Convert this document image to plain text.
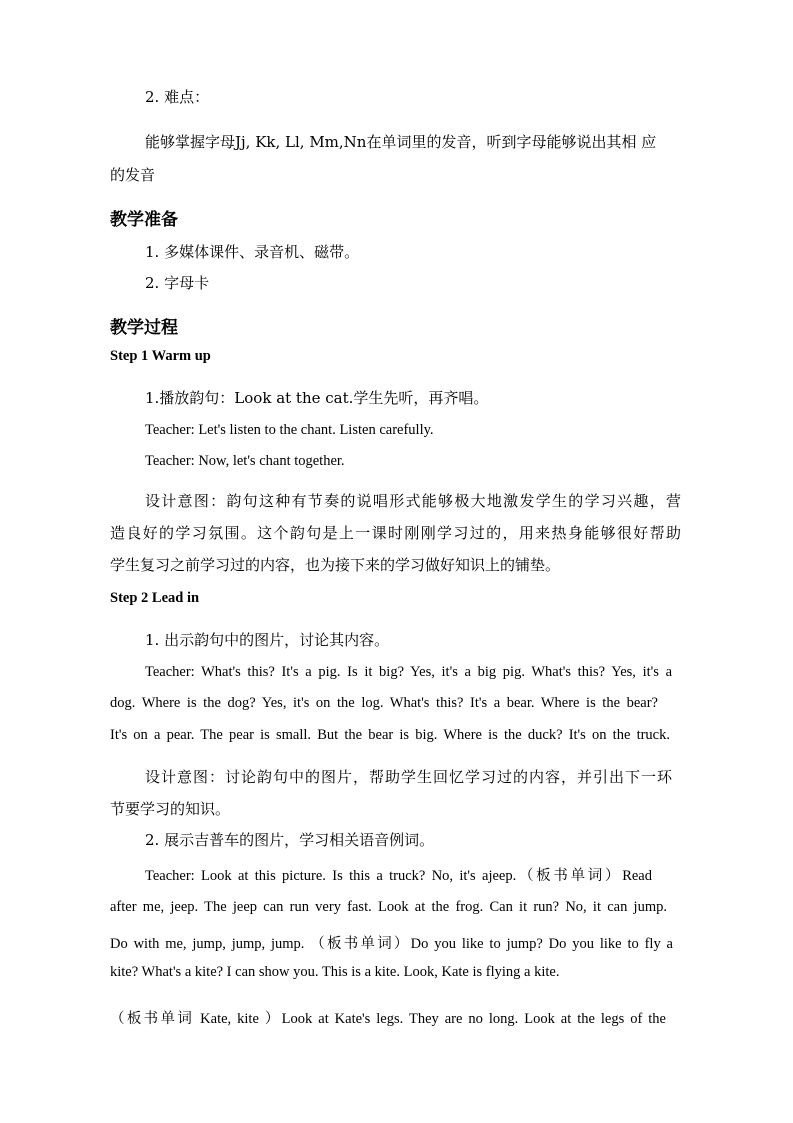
2. 难点：

能够掌握字母Jj, Kk, Ll, Mm,Nn在单词里的发音，听到字母能够说出其相 应

的发音

教学准备

1. 多媒体课件、录音机、磁带。

2. 字母卡

教学过程

Step 1 Warm up

1.播放韵句：Look at the cat.学生先听，再齐唱。

Teacher: Let's listen to the chant. Listen carefully.

Teacher: Now, let's chant together.

设计意图：韵句这种有节奏的说唱形式能够极大地激发学生的学习兴趣，营

造良好的学习氛围。这个韵句是上一课时刚刚学习过的，用来热身能够很好帮助

学生复习之前学习过的内容，也为接下来的学习做好知识上的铺垫。

Step 2 Lead in

1. 出示韵句中的图片，讨论其内容。

Teacher: What's this? It's a pig. Is it big? Yes, it's a big pig. What's this? Yes, it's a

dog. Where is the dog? Yes, it's on the log. What's this? It's a bear. Where is the bear?

It's on a pear. The pear is small. But the bear is big. Where is the duck? It's on the truck.

设计意图：讨论韵句中的图片，帮助学生回忆学习过的内容，并引出下一环

节要学习的知识。

2. 展示吉普车的图片，学习相关语音例词。

Teacher: Look at this picture. Is this a truck? No, it's ajeep.（板书单词）Read

after me, jeep. The jeep can run very fast. Look at the frog. Can it run? No, it can jump.

Do with me, jump, jump, jump. （板书单词）Do you like to jump? Do you like to fly a

kite? What's a kite? I can show you. This is a kite. Look, Kate is flying a kite.

（板书单词 Kate, kite ）Look at Kate's legs. They are no long. Look at the legs of the
